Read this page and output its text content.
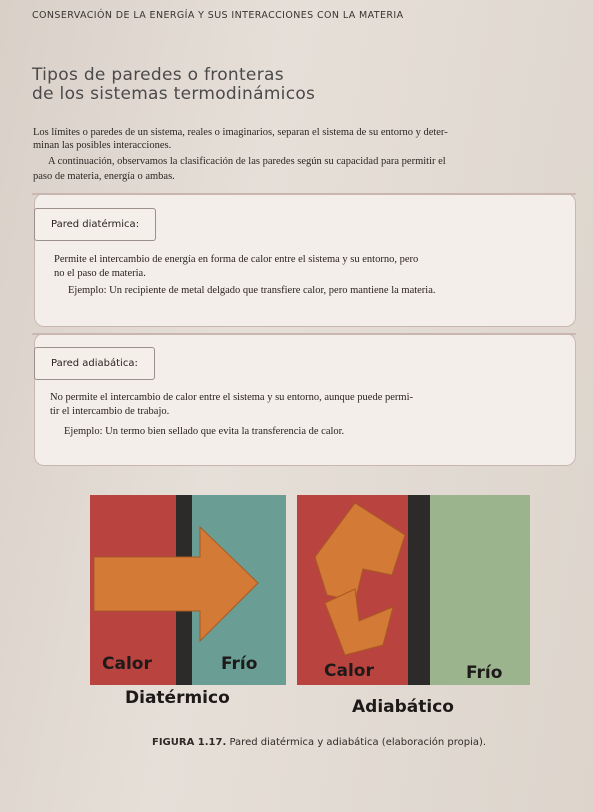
CONSERVACIÓN DE LA ENERGÍA Y SUS INTERACCIONES CON LA MATERIA
Tipos de paredes o fronteras
de los sistemas termodinámicos
Los límites o paredes de un sistema, reales o imaginarios, separan el sistema de su entorno y deter-
minan las posibles interacciones.
A continuación, observamos la clasificación de las paredes según su capacidad para permitir el
paso de materia, energía o ambas.
Pared diatérmica:
Permite el intercambio de energía en forma de calor entre el sistema y su entorno, pero
no el paso de materia.
Ejemplo: Un recipiente de metal delgado que transfiere calor, pero mantiene la materia.
Pared adiabática:
No permite el intercambio de calor entre el sistema y su entorno, aunque puede permi-
tir el intercambio de trabajo.
Ejemplo: Un termo bien sellado que evita la transferencia de calor.
Calor	Frío
Diatérmico
Calor	Frío
Adiabático
FIGURA 1.17. Pared diatérmica y adiabática (elaboración propia).
